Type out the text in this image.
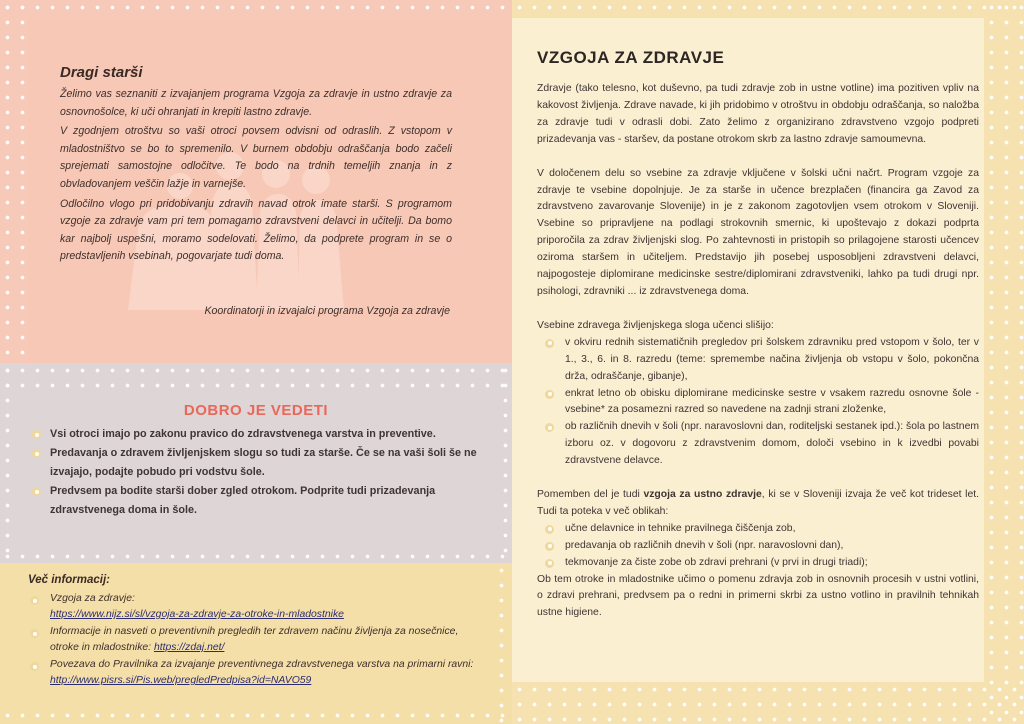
Dragi starši

Želimo vas seznaniti z izvajanjem programa Vzgoja za zdravje in ustno zdravje za osnovnošolce, ki uči ohranjati in krepiti lastno zdravje.

V zgodnjem otroštvu so vaši otroci povsem odvisni od odraslih. Z vstopom v mladostništvo se bo to spremenilo. V burnem obdobju odraščanja bodo začeli sprejemati samostojne odločitve. Te bodo na trdnih temeljih znanja in z obvladovanjem veščin lažje in varnejše.

Odločilno vlogo pri pridobivanju zdravih navad otrok imate starši. S programom vzgoje za zdravje vam pri tem pomagamo zdravstveni delavci in učitelji. Da bomo kar najbolj uspešni, moramo sodelovati. Želimo, da podprete program in se o predstavljenih vsebinah, pogovarjate tudi doma.

Koordinatorji in izvajalci programa Vzgoja za zdravje
DOBRO JE VEDETI
Vsi otroci imajo po zakonu pravico do zdravstvenega varstva in preventive.
Predavanja o zdravem življenjskem slogu so tudi za starše. Če se na vaši šoli še ne izvajajo, podajte pobudo pri vodstvu šole.
Predvsem pa bodite starši dober zgled otrokom. Podprite tudi prizadevanja zdravstvenega doma in šole.
Več informacij:
Vzgoja za zdravje:
https://www.nijz.si/sl/vzgoja-za-zdravje-za-otroke-in-mladostnike
Informacije in nasveti o preventivnih pregledih ter zdravem načinu življenja za nosečnice, otroke in mladostnike: https://zdaj.net/
Povezava do Pravilnika za izvajanje preventivnega zdravstvenega varstva na primarni ravni: http://www.pisrs.si/Pis.web/pregledPredpisa?id=NAVO59
VZGOJA ZA ZDRAVJE

Zdravje (tako telesno, kot duševno, pa tudi zdravje zob in ustne votline) ima pozitiven vpliv na kakovost življenja. Zdrave navade, ki jih pridobimo v otroštvu in obdobju odraščanja, so naložba za zdravje tudi v odrasli dobi. Zato želimo z organizirano zdravstveno vzgojo podpreti prizadevanja vas - staršev, da postane otrokom skrb za lastno zdravje samoumevna.

V določenem delu so vsebine za zdravje vključene v šolski učni načrt. Program vzgoje za zdravje te vsebine dopolnjuje. Je za starše in učence brezplačen (financira ga Zavod za zdravstveno zavarovanje Slovenije) in je z zakonom zagotovljen vsem otrokom v Sloveniji. Vsebine so pripravljene na podlagi strokovnih smernic, ki upoštevajo z dokazi podprta priporočila za zdrav življenjski slog. Po zahtevnosti in pristopih so prilagojene starosti učencev oziroma staršem in učiteljem. Predstavijo jih posebej usposobljeni zdravstveni delavci, najpogosteje diplomirane medicinske sestre/diplomirani zdravstveniki, lahko pa tudi drugi npr. psihologi, zdravniki ... iz zdravstvenega doma.

Vsebine zdravega življenjskega sloga učenci slišijo:

v okviru rednih sistematičnih pregledov pri šolskem zdravniku pred vstopom v šolo, ter v 1., 3., 6. in 8. razredu (teme: spremembe načina življenja ob vstopu v šolo, pokončna drža, odraščanje, gibanje),
enkrat letno ob obisku diplomirane medicinske sestre v vsakem razredu osnovne šole - vsebine* za posamezni razred so navedene na zadnji strani zloženke,
ob različnih dnevih v šoli (npr. naravoslovni dan, roditeljski sestanek ipd.): šola po lastnem izboru oz. v dogovoru z zdravstvenim domom, določi vsebino in k izvedbi povabi zdravstvene delavce.

Pomemben del je tudi vzgoja za ustno zdravje, ki se v Sloveniji izvaja že več kot trideset let. Tudi ta poteka v več oblikah:

učne delavnice in tehnike pravilnega čiščenja zob,
predavanja ob različnih dnevih v šoli (npr. naravoslovni dan),
tekmovanje za čiste zobe ob zdravi prehrani (v prvi in drugi triadi);

Ob tem otroke in mladostnike učimo o pomenu zdravja zob in osnovnih procesih v ustni votlini, o zdravi prehrani, predvsem pa o redni in primerni skrbi za ustno votlino in pravilnih tehnikah ustne higiene.
